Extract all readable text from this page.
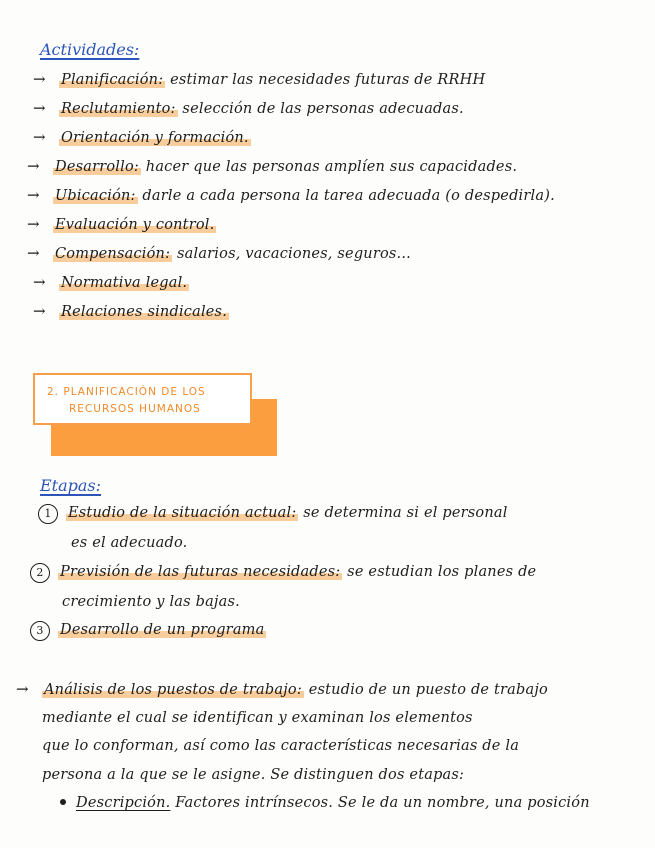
Actividades:
→ Planificación: estimar las necesidades futuras de RRHH
→ Reclutamiento: selección de las personas adecuadas.
→ Orientación y formación.
→ Desarrollo: hacer que las personas amplíen sus capacidades.
→ Ubicación: darle a cada persona la tarea adecuada (o despedirla).
→ Evaluación y control.
→ Compensación: salarios, vacaciones, seguros...
→ Normativa legal.
→ Relaciones sindicales.
2. PLANIFICACIÓN DE LOS
RECURSOS HUMANOS
Etapas:
1 Estudio de la situación actual: se determina si el personal
es el adecuado.
2 Previsión de las futuras necesidades: se estudian los planes de
crecimiento y las bajas.
3 Desarrollo de un programa
→ Análisis de los puestos de trabajo: estudio de un puesto de trabajo
mediante el cual se identifican y examinan los elementos
que lo conforman, así como las características necesarias de la
persona a la que se le asigne. Se distinguen dos etapas:
Descripción. Factores intrínsecos. Se le da un nombre, una posición
